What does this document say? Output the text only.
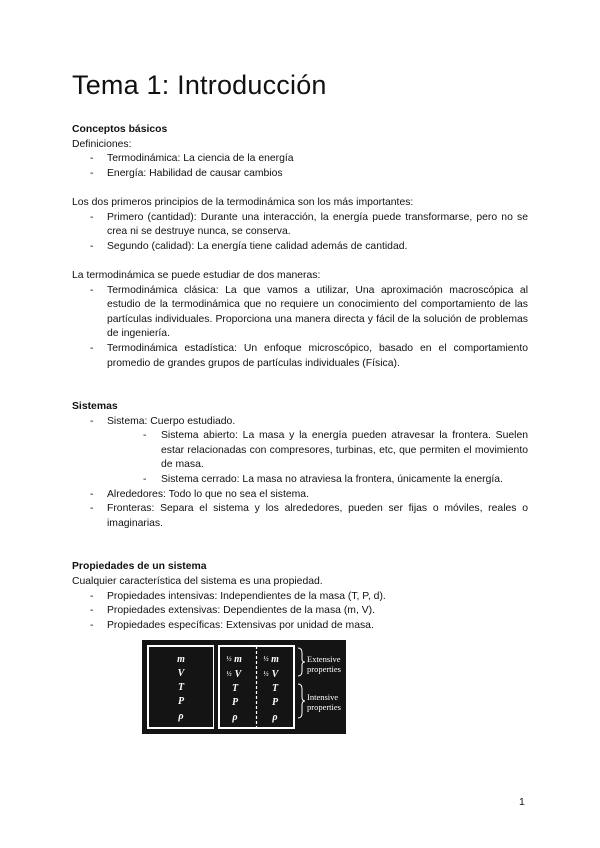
Tema 1: Introducción
Conceptos básicos

Definiciones:

- Termodinámica: La ciencia de la energía
- Energía: Habilidad de causar cambios

Los dos primeros principios de la termodinámica son los más importantes:

- Primero (cantidad): Durante una interacción, la energía puede transformarse, pero no se crea ni se destruye nunca, se conserva.
- Segundo (calidad): La energía tiene calidad además de cantidad.

La termodinámica se puede estudiar de dos maneras:

- Termodinámica clásica: La que vamos a utilizar, Una aproximación macroscópica al estudio de la termodinámica que no requiere un conocimiento del comportamiento de las partículas individuales. Proporciona una manera directa y fácil de la solución de problemas de ingeniería.
- Termodinámica estadística: Un enfoque microscópico, basado en el comportamiento promedio de grandes grupos de partículas individuales (Física).
Sistemas
- Sistema: Cuerpo estudiado.
- Sistema abierto: La masa y la energía pueden atravesar la frontera. Suelen estar relacionadas con compresores, turbinas, etc, que permiten el movimiento de masa.
- Sistema cerrado: La masa no atraviesa la frontera, únicamente la energía.
- Alrededores: Todo lo que no sea el sistema.
- Fronteras: Separa el sistema y los alrededores, pueden ser fijas o móviles, reales o imaginarias.
Propiedades de un sistema

Cualquier característica del sistema es una propiedad.

- Propiedades intensivas: Independientes de la masa (T, P, d).
- Propiedades extensivas: Dependientes de la masa (m, V).
- Propiedades específicas: Extensivas por unidad de masa.
m
V
T
P
ρ
½ m
½ V
½ m
½ V
T
P
ρ
T
P
ρ
Extensive
properties
Intensive
properties
1
